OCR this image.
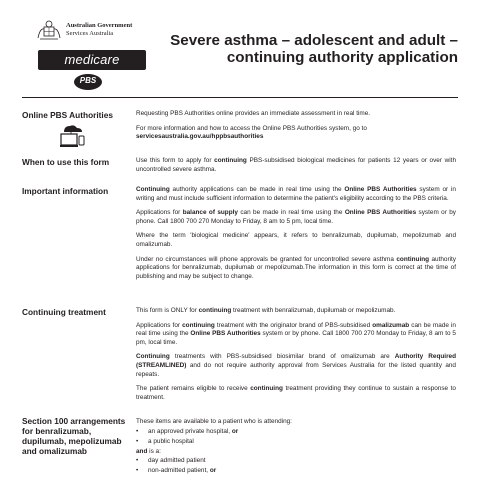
Australian Government
Services Australia
medicare
PBS
Severe asthma – adolescent and adult –
continuing authority application
Online PBS Authorities	Requesting PBS Authorities online provides an immediate assessment in real time.

For more information and how to access the Online PBS Authorities system, go to
servicesaustralia.gov.au/hppbsauthorities

When to use this form	Use this form to apply for continuing PBS-subsidised biological medicines for patients 12 years or over with uncontrolled severe asthma.

Important information	Continuing authority applications can be made in real time using the Online PBS Authorities system or in writing and must include sufficient information to determine the patient's eligibility according to the PBS criteria.

Applications for balance of supply can be made in real time using the Online PBS Authorities system or by phone. Call 1800 700 270 Monday to Friday, 8 am to 5 pm, local time.

Where the term 'biological medicine' appears, it refers to benralizumab, dupilumab, mepolizumab and omalizumab.

Under no circumstances will phone approvals be granted for uncontrolled severe asthma continuing authority applications for benralizumab, dupilumab or mepolizumab.The information in this form is correct at the time of publishing and may be subject to change.

Continuing treatment	This form is ONLY for continuing treatment with benralizumab, dupilumab or mepolizumab.

Applications for continuing treatment with the originator brand of PBS-subsidised omalizumab can be made in real time using the Online PBS Authorities system or by phone. Call 1800 700 270 Monday to Friday, 8 am to 5 pm, local time.

Continuing treatments with PBS-subsidised biosimilar brand of omalizumab are Authority Required (STREAMLINED) and do not require authority approval from Services Australia for the listed quantity and repeats.

The patient remains eligible to receive continuing treatment providing they continue to sustain a response to treatment.

Section 100 arrangements for benralizumab, dupilumab, mepolizumab and omalizumab

These items are available to a patient who is attending:

• an approved private hospital, or
• a public hospital

and is a:

• day admitted patient
• non-admitted patient, or
